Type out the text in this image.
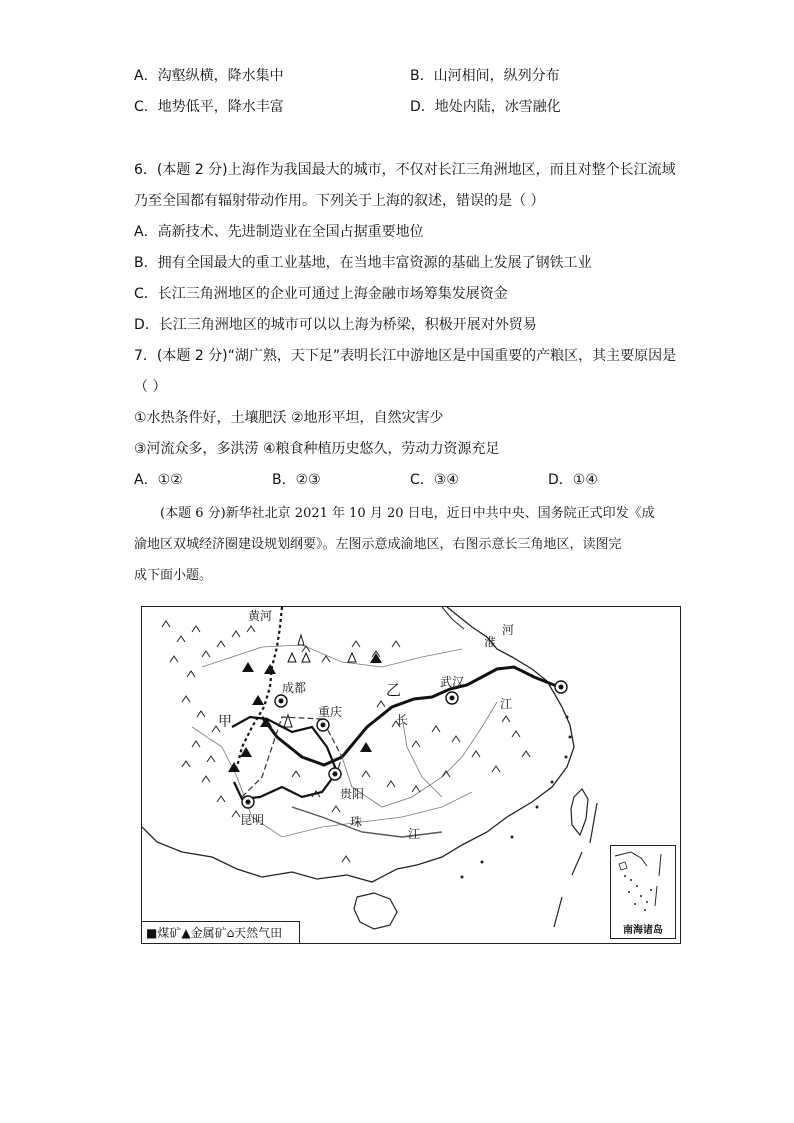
A．沟壑纵横，降水集中	B．山河相间，纵列分布
C．地势低平，降水丰富	D．地处内陆，冰雪融化
6．(本题 2 分)上海作为我国最大的城市，不仅对长江三角洲地区，而且对整个长江流域
乃至全国都有辐射带动作用。下列关于上海的叙述，错误的是（ ）
A．高新技术、先进制造业在全国占据重要地位
B．拥有全国最大的重工业基地，在当地丰富资源的基础上发展了钢铁工业
C．长江三角洲地区的企业可通过上海金融市场筹集发展资金
D．长江三角洲地区的城市可以以上海为桥梁，积极开展对外贸易
7．(本题 2 分)“湖广熟，天下足”表明长江中游地区是中国重要的产粮区，其主要原因是
（ ）
①水热条件好，土壤肥沃 ②地形平坦，自然灾害少
③河流众多，多洪涝 ④粮食种植历史悠久，劳动力资源充足
A．①②	B．②③	C．③④	D．①④
(本题 6 分)新华社北京 2021 年 10 月 20 日电，近日中共中央、国务院正式印发《成
渝地区双城经济圈建设规划纲要》。左图示意成渝地区，右图示意长三角地区，读图完
成下面小题。
黄河
淮
河
成都
重庆
武汉
贵阳
昆明
甲
乙
长
江
珠
江
■煤矿▲金属矿⌂天然气田	南海诸岛
